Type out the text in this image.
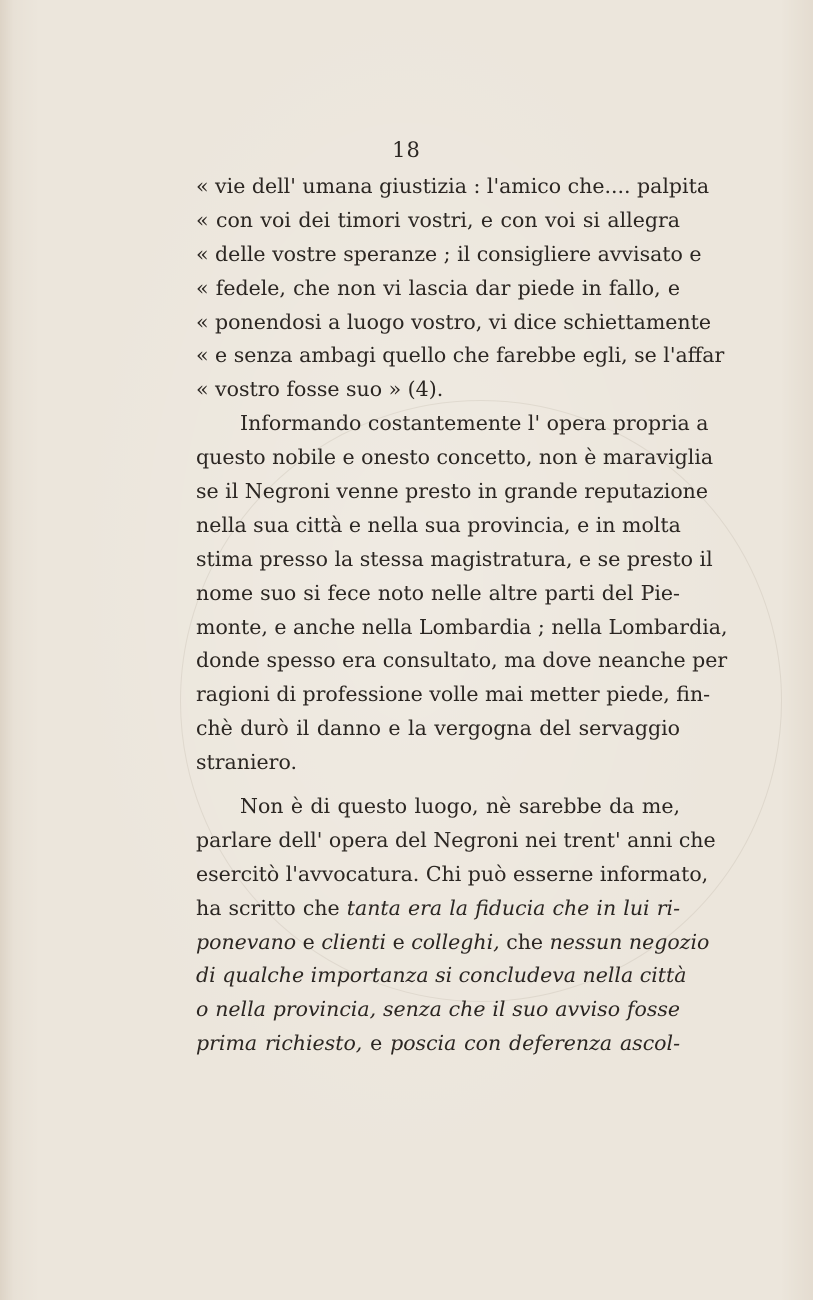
18
« vie dell' umana giustizia : l'amico che.... palpita
« con voi dei timori vostri, e con voi si allegra
« delle vostre speranze ; il consigliere avvisato e
« fedele, che non vi lascia dar piede in fallo, e
« ponendosi a luogo vostro, vi dice schiettamente
« e senza ambagi quello che farebbe egli, se l'affar
« vostro fosse suo » (4).
Informando costantemente l' opera propria a
questo nobile e onesto concetto, non è maraviglia
se il Negroni venne presto in grande reputazione
nella sua città e nella sua provincia, e in molta
stima presso la stessa magistratura, e se presto il
nome suo si fece noto nelle altre parti del Pie-
monte, e anche nella Lombardia ; nella Lombardia,
donde spesso era consultato, ma dove neanche per
ragioni di professione volle mai metter piede, fin-
chè durò il danno e la vergogna del servaggio
straniero.
Non è di questo luogo, nè sarebbe da me,
parlare dell' opera del Negroni nei trent' anni che
esercitò l'avvocatura. Chi può esserne informato,
ha scritto che tanta era la fiducia che in lui ri-
ponevano e clienti e colleghi, che nessun negozio
di qualche importanza si concludeva nella città
o nella provincia, senza che il suo avviso fosse
prima richiesto, e poscia con deferenza ascol-
